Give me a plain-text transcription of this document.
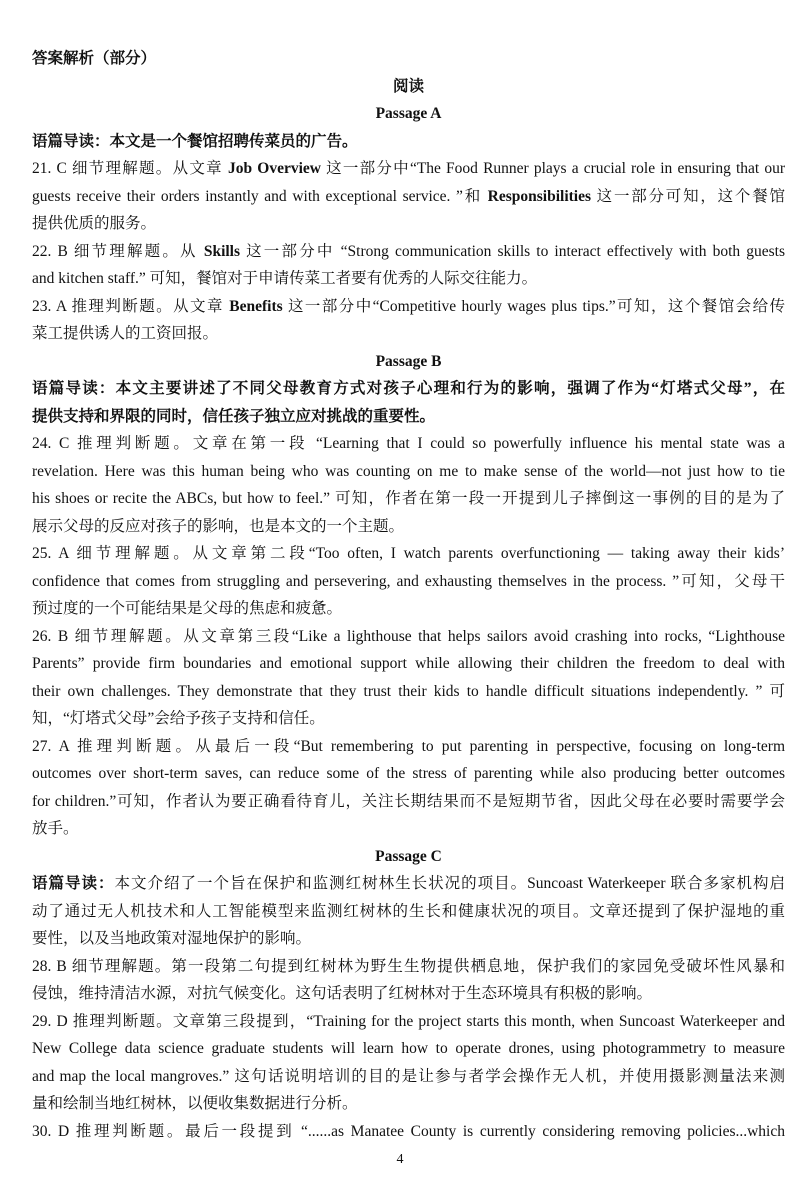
答案解析（部分）
阅读
Passage A
语篇导读：本文是一个餐馆招聘传菜员的广告。
21. C 细节理解题。从文章 Job Overview 这一部分中“The Food Runner plays a crucial role in ensuring that our
guests receive their orders instantly and with exceptional service. ”和 Responsibilities 这一部分可知，这个餐馆
提供优质的服务。
22. B 细节理解题。从 Skills 这一部分中 “Strong communication skills to interact effectively with both guests
and kitchen staff.” 可知，餐馆对于申请传菜工者要有优秀的人际交往能力。
23. A 推理判断题。从文章 Benefits 这一部分中“Competitive hourly wages plus tips.”可知，这个餐馆会给传
菜工提供诱人的工资回报。
Passage B
语篇导读：本文主要讲述了不同父母教育方式对孩子心理和行为的影响，强调了作为“灯塔式父母”，在
提供支持和界限的同时，信任孩子独立应对挑战的重要性。
24. C 推理判断题。文章在第一段 “Learning that I could so powerfully influence his mental state was a
revelation. Here was this human being who was counting on me to make sense of the world—not just how to tie
his shoes or recite the ABCs, but how to feel.” 可知，作者在第一段一开提到儿子摔倒这一事例的目的是为了
展示父母的反应对孩子的影响，也是本文的一个主题。
25. A 细节理解题。从文章第二段“Too often, I watch parents overfunctioning — taking away their kids’
confidence that comes from struggling and persevering, and exhausting themselves in the process. ”可知，父母干
预过度的一个可能结果是父母的焦虑和疲惫。
26. B 细节理解题。从文章第三段“Like a lighthouse that helps sailors avoid crashing into rocks, “Lighthouse
Parents” provide firm boundaries and emotional support while allowing their children the freedom to deal with
their own challenges. They demonstrate that they trust their kids to handle difficult situations independently. ” 可
知，“灯塔式父母”会给予孩子支持和信任。
27. A 推理判断题。从最后一段“But remembering to put parenting in perspective, focusing on long-term
outcomes over short-term saves, can reduce some of the stress of parenting while also producing better outcomes
for children.”可知，作者认为要正确看待育儿，关注长期结果而不是短期节省，因此父母在必要时需要学会
放手。
Passage C
语篇导读：本文介绍了一个旨在保护和监测红树林生长状况的项目。Suncoast Waterkeeper 联合多家机构启
动了通过无人机技术和人工智能模型来监测红树林的生长和健康状况的项目。文章还提到了保护湿地的重
要性，以及当地政策对湿地保护的影响。
28. B 细节理解题。第一段第二句提到红树林为野生生物提供栖息地，保护我们的家园免受破坏性风暴和
侵蚀，维持清洁水源，对抗气候变化。这句话表明了红树林对于生态环境具有积极的影响。
29. D 推理判断题。文章第三段提到，“Training for the project starts this month, when Suncoast Waterkeeper and
New College data science graduate students will learn how to operate drones, using photogrammetry to measure
and map the local mangroves.” 这句话说明培训的目的是让参与者学会操作无人机，并使用摄影测量法来测
量和绘制当地红树林，以便收集数据进行分析。
30. D 推理判断题。最后一段提到 “......as Manatee County is currently considering removing policies...which
4
